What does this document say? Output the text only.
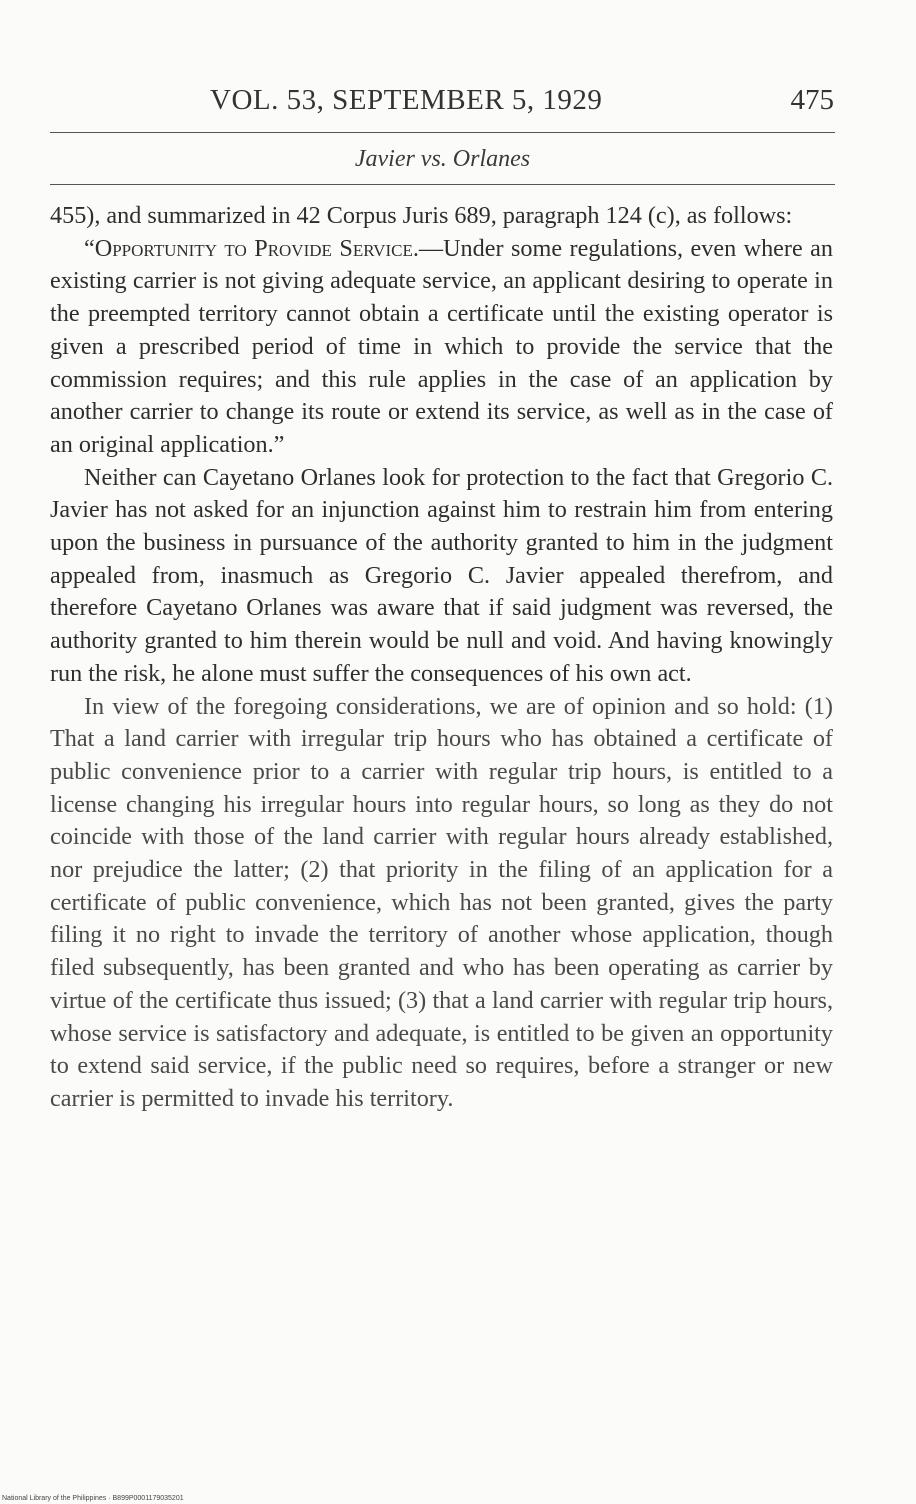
VOL. 53, SEPTEMBER 5, 1929	475
Javier vs. Orlanes

455), and summarized in 42 Corpus Juris 689, paragraph 124 (c), as follows:

“Opportunity to Provide Service.—Under some regulations, even where an existing carrier is not giving adequate service, an applicant desiring to operate in the preempted territory cannot obtain a certificate until the existing operator is given a prescribed period of time in which to provide the service that the commission requires; and this rule applies in the case of an application by another carrier to change its route or extend its service, as well as in the case of an original application.”

Neither can Cayetano Orlanes look for protection to the fact that Gregorio C. Javier has not asked for an injunction against him to restrain him from entering upon the business in pursuance of the authority granted to him in the judgment appealed from, inasmuch as Gregorio C. Javier appealed therefrom, and therefore Cayetano Orlanes was aware that if said judgment was reversed, the authority granted to him therein would be null and void. And having knowingly run the risk, he alone must suffer the consequences of his own act.

In view of the foregoing considerations, we are of opinion and so hold: (1) That a land carrier with irregular trip hours who has obtained a certificate of public convenience prior to a carrier with regular trip hours, is entitled to a license changing his irregular hours into regular hours, so long as they do not coincide with those of the land carrier with regular hours already established, nor prejudice the latter; (2) that priority in the filing of an application for a certificate of public convenience, which has not been granted, gives the party filing it no right to invade the territory of another whose application, though filed subsequently, has been granted and who has been operating as carrier by virtue of the certificate thus issued; (3) that a land carrier with regular trip hours, whose service is satisfactory and adequate, is entitled to be given an opportunity to extend said service, if the public need so requires, before a stranger or new carrier is permitted to invade his territory.

National Library of the Philippines · B899P0001179035201
